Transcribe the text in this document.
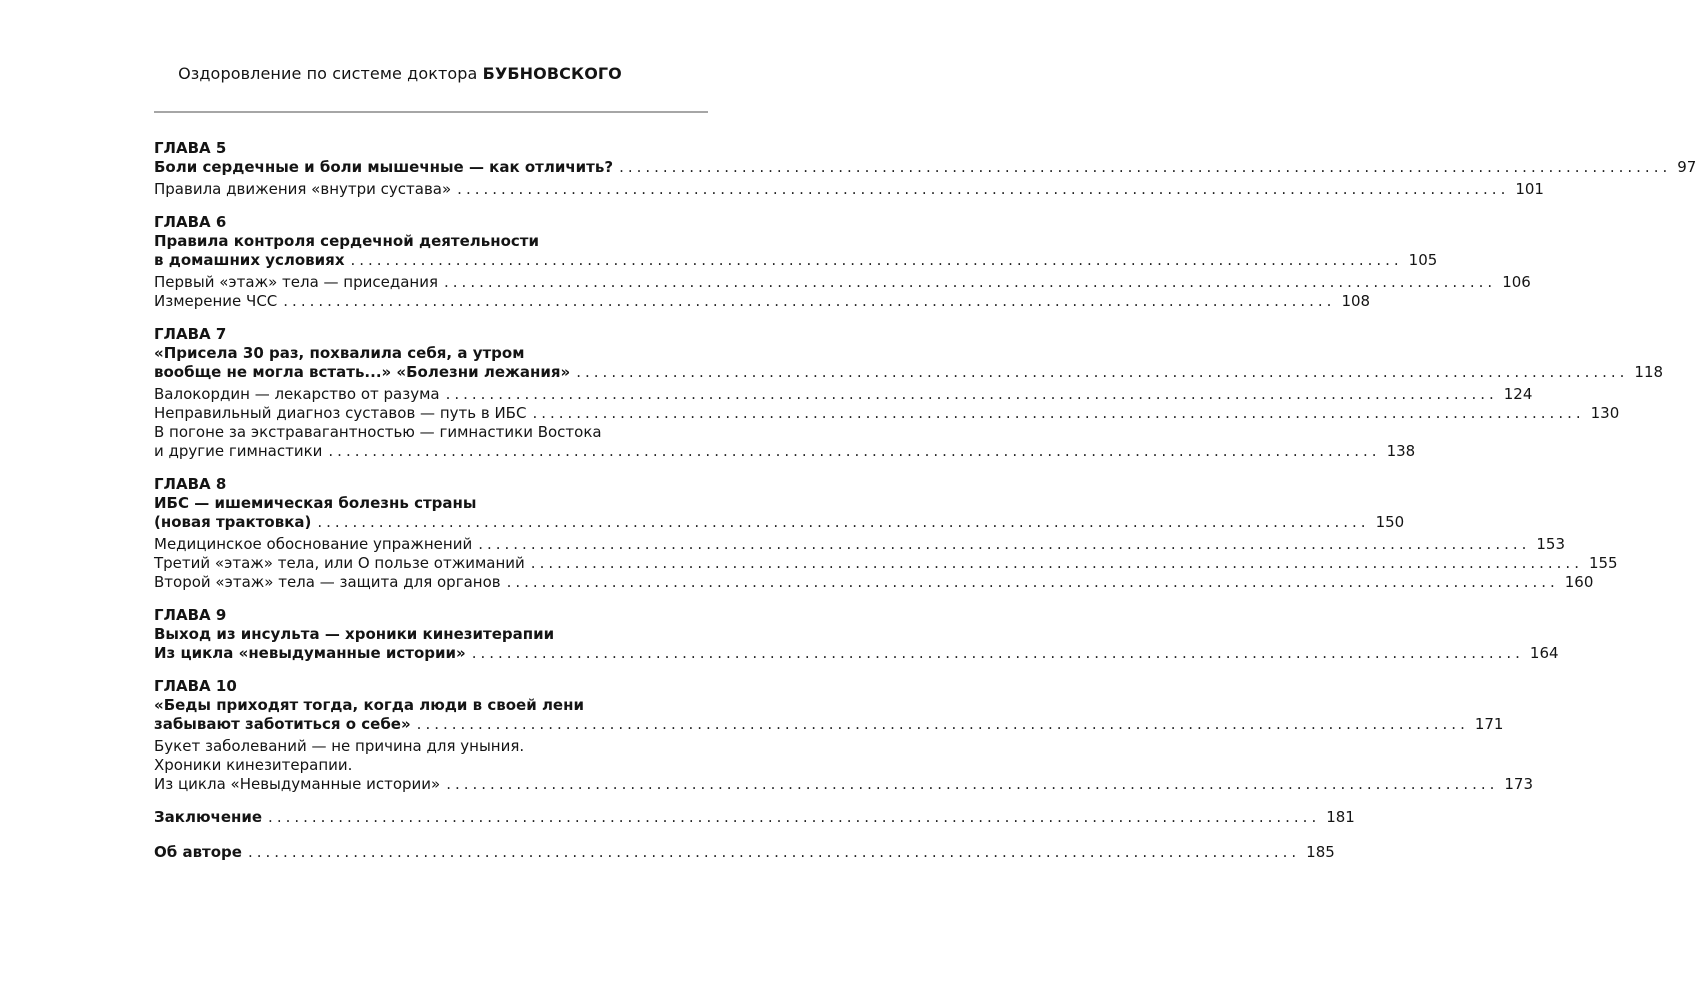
Оздоровление по системе доктора БУБНОВСКОГО
ГЛАВА 5
Боли сердечные и боли мышечные — как отличить? ........................................................................................................................ 97
Правила движения «внутри сустава» ........................................................................................................................ 101
ГЛАВА 6
Правила контроля сердечной деятельности
в домашних условиях ........................................................................................................................ 105
Первый «этаж» тела — приседания ........................................................................................................................ 106
Измерение ЧСС ........................................................................................................................ 108
ГЛАВА 7
«Присела 30 раз, похвалила себя, а утром
вообще не могла встать...» «Болезни лежания» ........................................................................................................................ 118
Валокордин — лекарство от разума ........................................................................................................................ 124
Неправильный диагноз суставов — путь в ИБС ........................................................................................................................ 130
В погоне за экстравагантностью — гимнастики Востока
и другие гимнастики ........................................................................................................................ 138
ГЛАВА 8
ИБС — ишемическая болезнь страны
(новая трактовка) ........................................................................................................................ 150
Медицинское обоснование упражнений ........................................................................................................................ 153
Третий «этаж» тела, или О пользе отжиманий ........................................................................................................................ 155
Второй «этаж» тела — защита для органов ........................................................................................................................ 160
ГЛАВА 9
Выход из инсульта — хроники кинезитерапии
Из цикла «невыдуманные истории» ........................................................................................................................ 164
ГЛАВА 10
«Беды приходят тогда, когда люди в своей лени
забывают заботиться о себе» ........................................................................................................................ 171
Букет заболеваний — не причина для уныния.
Хроники кинезитерапии.
Из цикла «Невыдуманные истории» ........................................................................................................................ 173
Заключение ........................................................................................................................ 181
Об авторе ........................................................................................................................ 185
